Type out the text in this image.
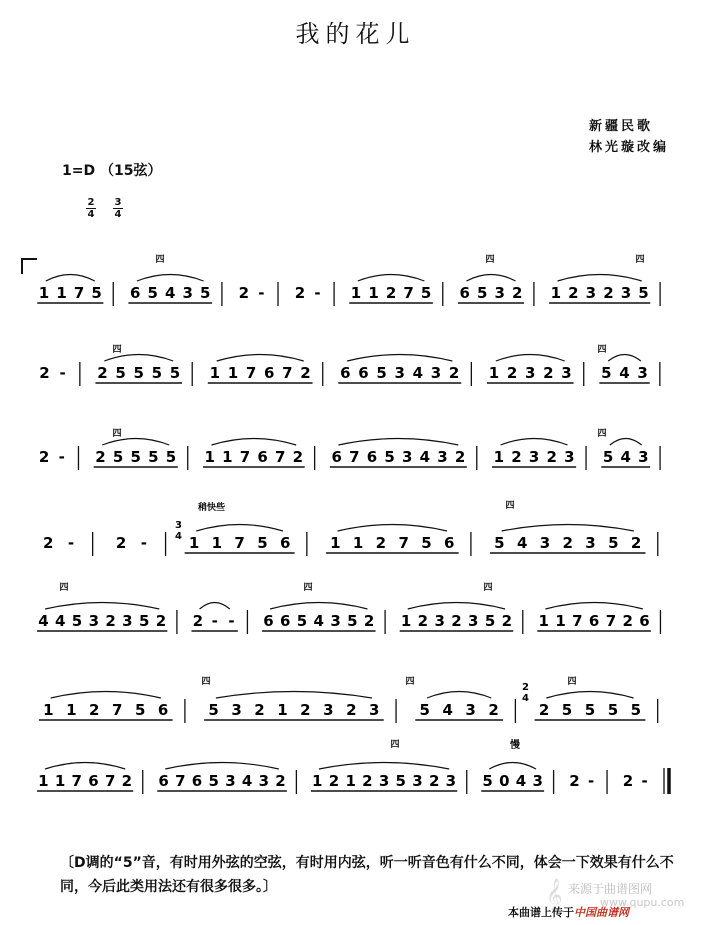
我的花儿
新疆民歌
林光璇改编
1=D （15弦）
$\frac{2}{4} \frac{3}{4}$
1 1 7 5 6 5 4 3 5 2 - 2 - 1 1 2 7 5 6 5 3 2 1 2 3 2 3 5
2 - 2 5 5 5 5 1 1 7 6 7 2 6 6 5 3 4 3 2 1 2 3 2 3 5 4 3
2 - 2 5 5 5 5 1 1 7 6 7 2 6 7 6 5 3 4 3 2 1 2 3 2 3 5 4 3
2 -	2 -	1 1 7 5 6	1 1 2 7 5 6	5 4 3 2 3 5 2
4 4 5 3 2 3 5 2 2 - - 6 6 5 4 3 5 2 1 2 3 2 3 5 2 1 1 7 6 7 2 6
1 1 2 7 5 6	5 3 2 1 2 3 2 3	5 4 3 2	2 5 5 5 5
1 1 7 6 7 2 6 7 6 5 3 4 3 2 1 2 1 2 3 5 3 2 3 5 0 4 3 2 - 2 -
四	四	四
四	四
四	四
四
四	四	四
四	四	四
四
稍快些
慢
3
4
2
4
〔D调的“5”音，有时用外弦的空弦，有时用内弦，听一听音色有什么不同，体会一下效果有什么不同，今后此类用法还有很多很多。〕	𝄞 来源于曲谱图网
www.qupu.com
本曲谱上传于中国曲谱网
